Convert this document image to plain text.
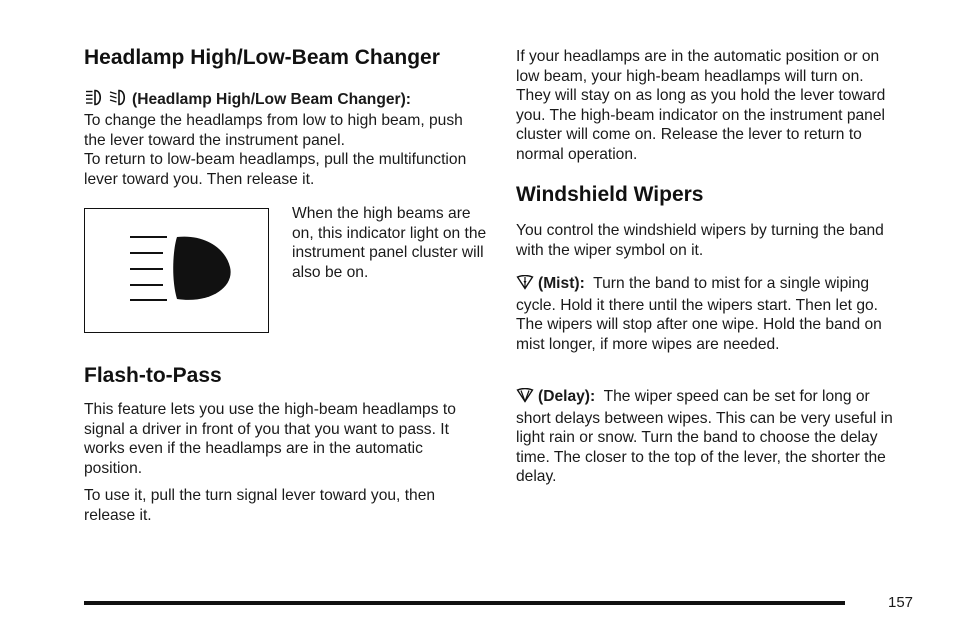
Headlamp High/Low-Beam Changer

(Headlamp High/Low Beam Changer):

To change the headlamps from low to high beam, push the lever toward the instrument panel.

To return to low-beam headlamps, pull the multifunction lever toward you. Then release it.

When the high beams are on, this indicator light on the instrument panel cluster will also be on.

Flash-to-Pass

This feature lets you use the high-beam headlamps to signal a driver in front of you that you want to pass. It works even if the headlamps are in the automatic position.

To use it, pull the turn signal lever toward you, then release it.

If your headlamps are in the automatic position or on low beam, your high-beam headlamps will turn on. They will stay on as long as you hold the lever toward you. The high-beam indicator on the instrument panel cluster will come on. Release the lever to return to normal operation.

Windshield Wipers

You control the windshield wipers by turning the band with the wiper symbol on it.

▾ (Mist): Turn the band to mist for a single wiping cycle. Hold it there until the wipers start. Then let go. The wipers will stop after one wipe. Hold the band on mist longer, if more wipes are needed.

(Delay): The wiper speed can be set for long or short delays between wipes. This can be very useful in light rain or snow. Turn the band to choose the delay time. The closer to the top of the lever, the shorter the delay.

157
